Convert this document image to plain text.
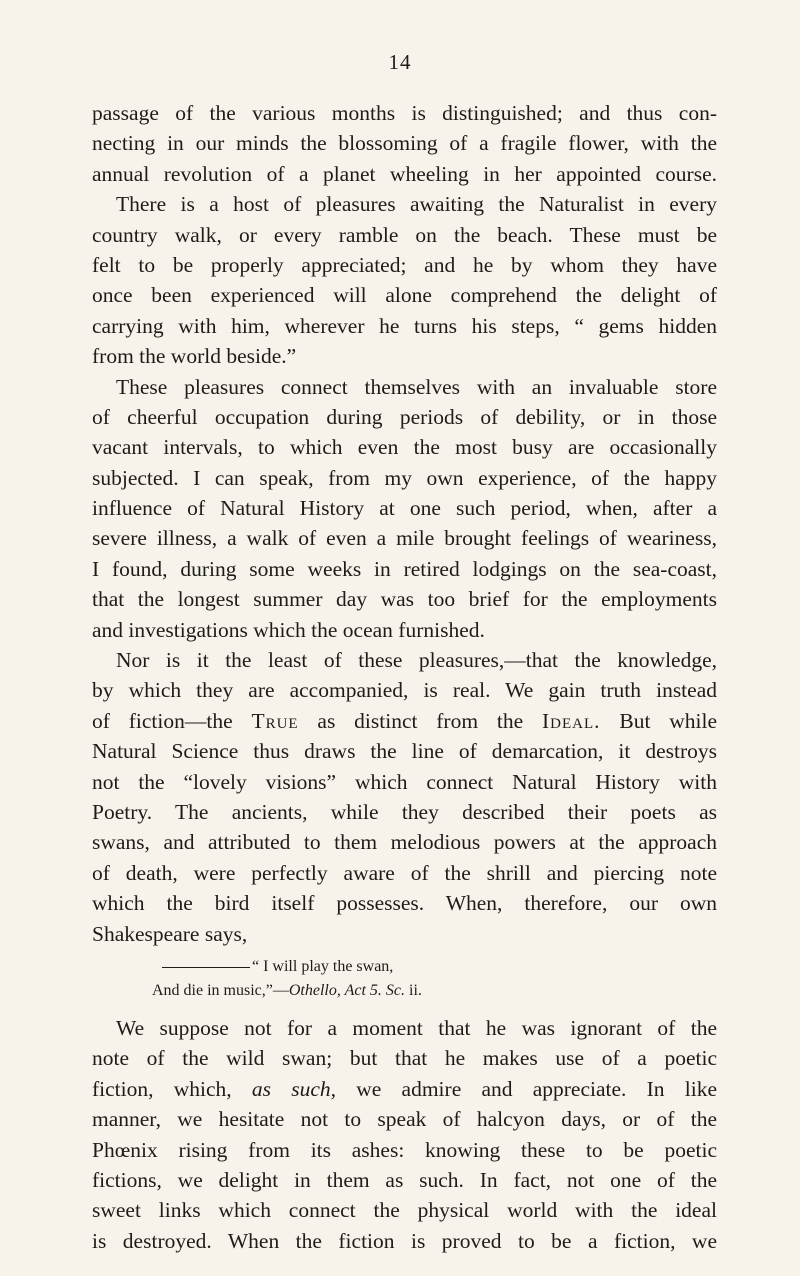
14
passage of the various months is distinguished; and thus con-
necting in our minds the blossoming of a fragile flower, with the
annual revolution of a planet wheeling in her appointed course.
There is a host of pleasures awaiting the Naturalist in every
country walk, or every ramble on the beach. These must be
felt to be properly appreciated; and he by whom they have
once been experienced will alone comprehend the delight of
carrying with him, wherever he turns his steps, “ gems hidden
from the world beside.”
These pleasures connect themselves with an invaluable store
of cheerful occupation during periods of debility, or in those
vacant intervals, to which even the most busy are occasionally
subjected. I can speak, from my own experience, of the happy
influence of Natural History at one such period, when, after a
severe illness, a walk of even a mile brought feelings of weariness,
I found, during some weeks in retired lodgings on the sea-coast,
that the longest summer day was too brief for the employments
and investigations which the ocean furnished.
Nor is it the least of these pleasures,—that the knowledge,
by which they are accompanied, is real. We gain truth instead
of fiction—the True as distinct from the Ideal. But while
Natural Science thus draws the line of demarcation, it destroys
not the “lovely visions” which connect Natural History with
Poetry. The ancients, while they described their poets as
swans, and attributed to them melodious powers at the approach
of death, were perfectly aware of the shrill and piercing note
which the bird itself possesses. When, therefore, our own
Shakespeare says,
“ I will play the swan,
And die in music,”—Othello, Act 5. Sc. ii.
We suppose not for a moment that he was ignorant of the
note of the wild swan; but that he makes use of a poetic
fiction, which, as such, we admire and appreciate. In like
manner, we hesitate not to speak of halcyon days, or of the
Phœnix rising from its ashes: knowing these to be poetic
fictions, we delight in them as such. In fact, not one of the
sweet links which connect the physical world with the ideal
is destroyed. When the fiction is proved to be a fiction, we
